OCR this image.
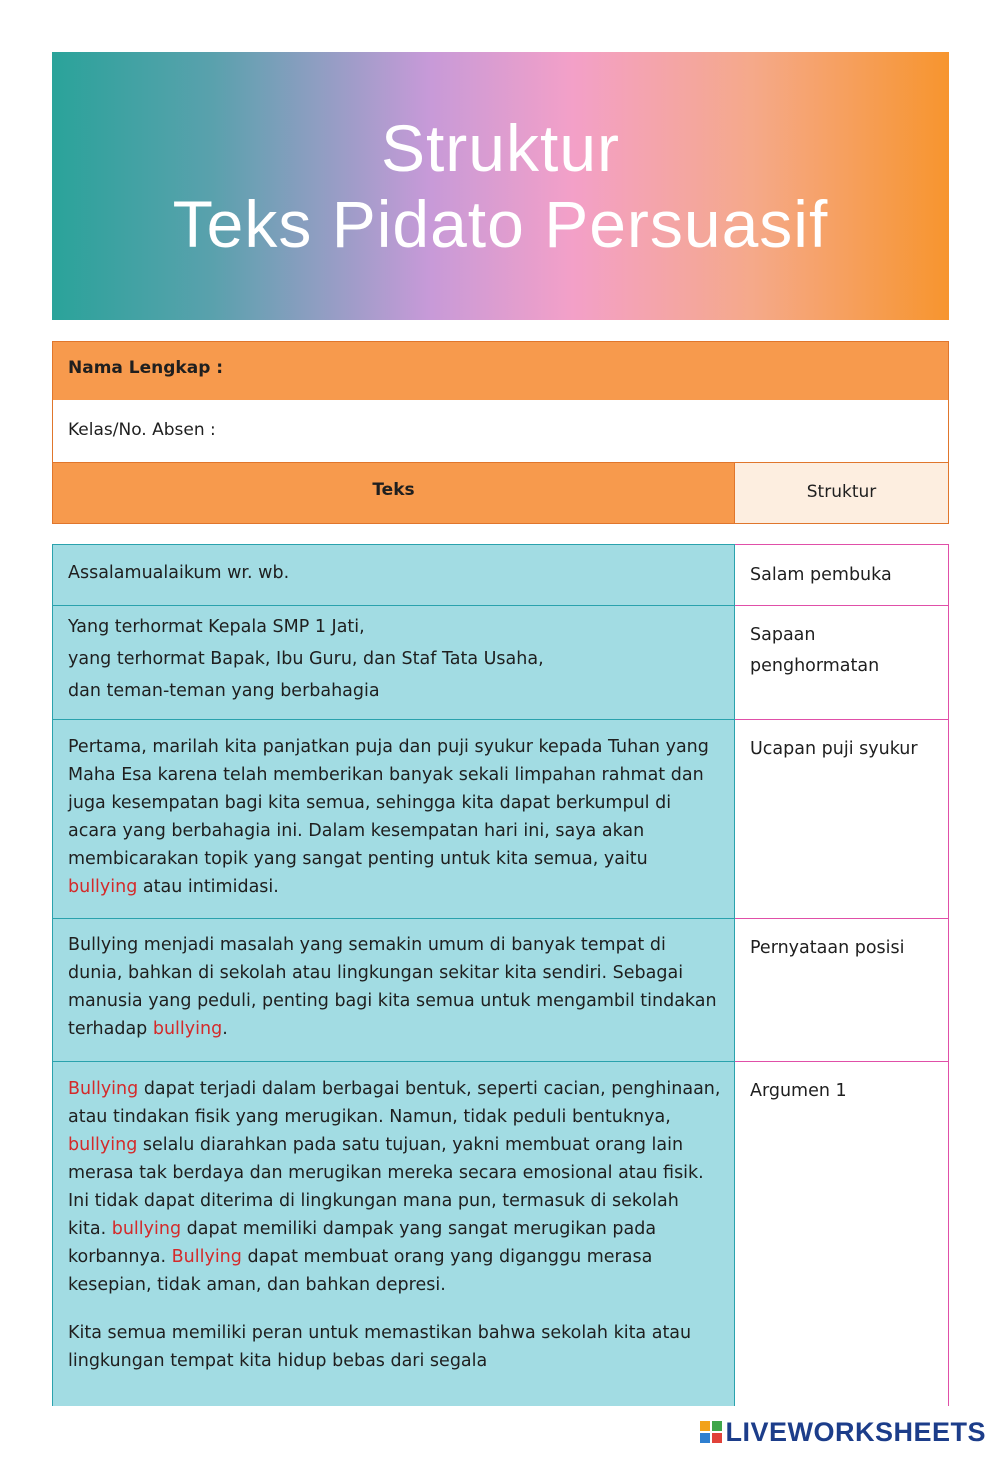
Struktur
Teks Pidato Persuasif
Nama Lengkap :
Kelas/No. Absen :
Teks	Struktur

Assalamualaikum wr. wb.	Salam pembuka

Yang terhormat Kepala SMP 1 Jati,

yang terhormat Bapak, Ibu Guru, dan Staf Tata Usaha,

dan teman-teman yang berbahagia

Sapaan penghormatan

Pertama, marilah kita panjatkan puja dan puji syukur kepada Tuhan yang Maha Esa karena telah memberikan banyak sekali limpahan rahmat dan juga kesempatan bagi kita semua, sehingga kita dapat berkumpul di acara yang berbahagia ini. Dalam kesempatan hari ini, saya akan membicarakan topik yang sangat penting untuk kita semua, yaitu bullying atau intimidasi.

Ucapan puji syukur

Bullying menjadi masalah yang semakin umum di banyak tempat di dunia, bahkan di sekolah atau lingkungan sekitar kita sendiri. Sebagai manusia yang peduli, penting bagi kita semua untuk mengambil tindakan terhadap bullying.

Pernyataan posisi

Bullying dapat terjadi dalam berbagai bentuk, seperti cacian, penghinaan, atau tindakan fisik yang merugikan. Namun, tidak peduli bentuknya, bullying selalu diarahkan pada satu tujuan, yakni membuat orang lain merasa tak berdaya dan merugikan mereka secara emosional atau fisik. Ini tidak dapat diterima di lingkungan mana pun, termasuk di sekolah kita. bullying dapat memiliki dampak yang sangat merugikan pada korbannya. Bullying dapat membuat orang yang diganggu merasa kesepian, tidak aman, dan bahkan depresi.

Kita semua memiliki peran untuk memastikan bahwa sekolah kita atau lingkungan tempat kita hidup bebas dari segala

Argumen 1
LIVEWORKSHEETS
